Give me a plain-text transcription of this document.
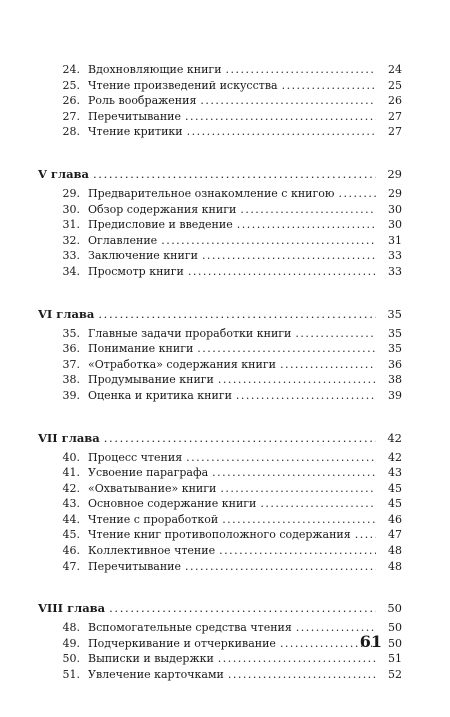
24. Вдохновляющие книги . . .	24
25. Чтение произведений искусства . . .	25
26. Роль воображения . . .	26
27. Перечитывание . . .	27
28. Чтение критики . . .	27
V глава . . .	29
29. Предварительное ознакомление с книгою . . .	29
30. Обзор содержания книги . . .	30
31. Предисловие и введение . . .	30
32. Оглавление . . .	31
33. Заключение книги . . .	33
34. Просмотр книги . . .	33
VI глава . . .	35
35. Главные задачи проработки книги . . .	35
36. Понимание книги . . .	35
37. «Отработка» содержания книги . . .	36
38. Продумывание книги . . .	38
39. Оценка и критика книги . . .	39
VII глава . . .	42
40. Процесс чтения . . .	42
41. Усвоение параграфа . . .	43
42. «Охватывание» книги . . .	45
43. Основное содержание книги . . .	45
44. Чтение с проработкой . . .	46
45. Чтение книг противоположного содержания . . .	47
46. Коллективное чтение . . .	48
47. Перечитывание . . .	48
VIII глава . . .	50
48. Вспомогательные средства чтения . . .	50
49. Подчеркивание и отчеркивание . . .	50
50. Выписки и выдержки . . .	51
51. Увлечение карточками . . .	52
61
